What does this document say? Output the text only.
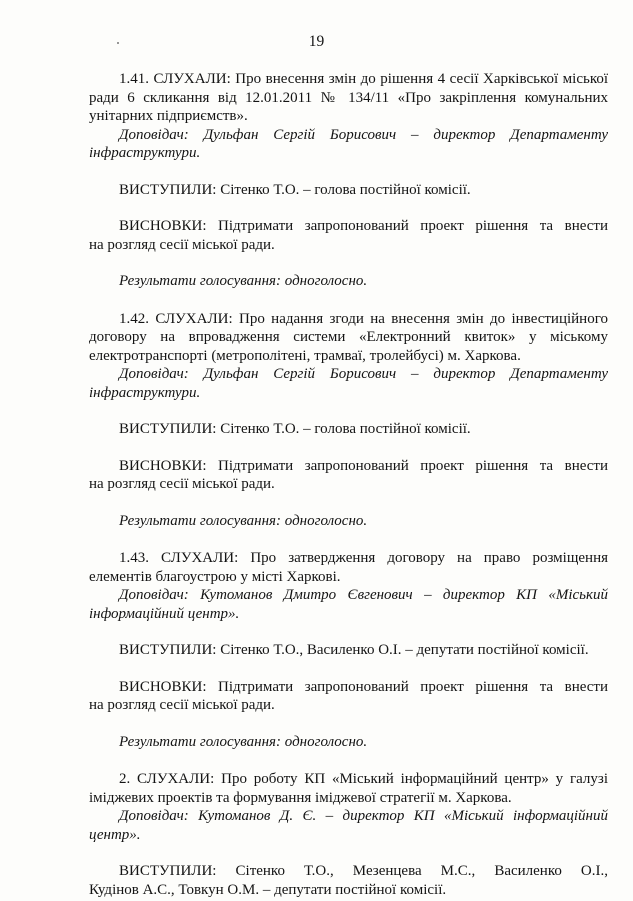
19

1.41. СЛУХАЛИ: Про внесення змін до рішення 4 сесії Харківської міської

ради 6 скликання від 12.01.2011 № 134/11 «Про закріплення комунальних унітарних підприємств».

Доповідач: Дульфан Сергій Борисович – директор Департаменту інфраструктури.

ВИСТУПИЛИ: Сітенко Т.О. – голова постійної комісії.

ВИСНОВКИ: Підтримати запропонований проект рішення та внести

на розгляд сесії міської ради.

Результати голосування: одноголосно.

1.42. СЛУХАЛИ: Про надання згоди на внесення змін до інвестиційного

договору на впровадження системи «Електронний квиток» у міському електротранспорті (метрополітені, трамваї, тролейбусі) м. Харкова.

Доповідач: Дульфан Сергій Борисович – директор Департаменту інфраструктури.

ВИСТУПИЛИ: Сітенко Т.О. – голова постійної комісії.

ВИСНОВКИ: Підтримати запропонований проект рішення та внести

на розгляд сесії міської ради.

Результати голосування: одноголосно.

1.43. СЛУХАЛИ: Про затвердження договору на право розміщення

елементів благоустрою у місті Харкові.

Доповідач: Кутоманов Дмитро Євгенович – директор КП «Міський інформаційний центр».

ВИСТУПИЛИ: Сітенко Т.О., Василенко О.І. – депутати постійної комісії.

ВИСНОВКИ: Підтримати запропонований проект рішення та внести

на розгляд сесії міської ради.

Результати голосування: одноголосно.

2. СЛУХАЛИ: Про роботу КП «Міський інформаційний центр» у галузі

іміджевих проектів та формування іміджевої стратегії м. Харкова.

Доповідач: Кутоманов Д. Є. – директор КП «Міський інформаційний центр».

ВИСТУПИЛИ: Сітенко Т.О., Мезенцева М.С., Василенко О.І.,

Кудінов А.С., Товкун О.М. – депутати постійної комісії.
